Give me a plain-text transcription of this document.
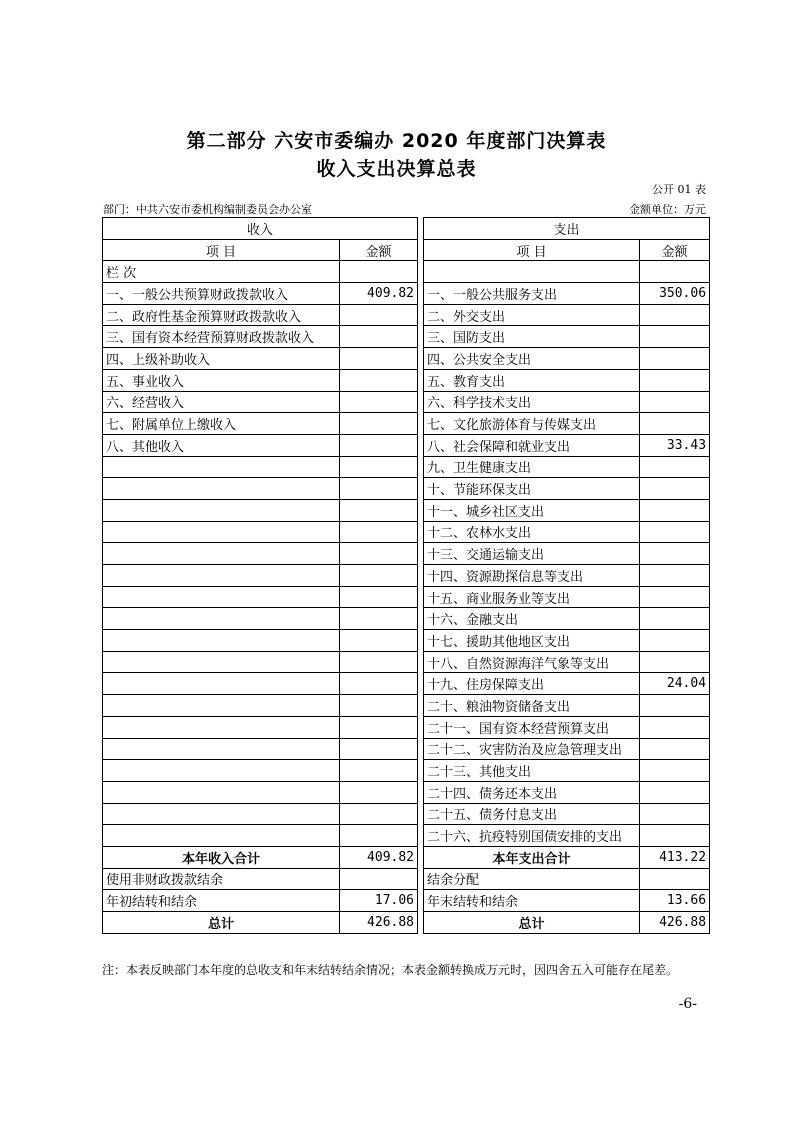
第二部分 六安市委编办 2020 年度部门决算表
收入支出决算总表
公开 01 表
部门：中共六安市委机构编制委员会办公室	金额单位：万元
收入			支出	
项 目	金额		项 目	金额
栏 次				
一、一般公共预算财政拨款收入	409.82		一、一般公共服务支出	350.06
二、政府性基金预算财政拨款收入			二、外交支出	
三、国有资本经营预算财政拨款收入			三、国防支出	
四、上级补助收入			四、公共安全支出	
五、事业收入			五、教育支出	
六、经营收入			六、科学技术支出	
七、附属单位上缴收入			七、文化旅游体育与传媒支出	
八、其他收入			八、社会保障和就业支出	33.43
			九、卫生健康支出	
			十、节能环保支出	
			十一、城乡社区支出	
			十二、农林水支出	
			十三、交通运输支出	
			十四、资源勘探信息等支出	
			十五、商业服务业等支出	
			十六、金融支出	
			十七、援助其他地区支出	
			十八、自然资源海洋气象等支出	
			十九、住房保障支出	24.04
			二十、粮油物资储备支出	
			二十一、国有资本经营预算支出	
			二十二、灾害防治及应急管理支出	
			二十三、其他支出	
			二十四、债务还本支出	
			二十五、债务付息支出	
			二十六、抗疫特别国债安排的支出	
本年收入合计	409.82		本年支出合计	413.22
使用非财政拨款结余			结余分配	
年初结转和结余	17.06		年末结转和结余	13.66
总计	426.88		总计	426.88
注：本表反映部门本年度的总收支和年末结转结余情况；本表金额转换成万元时，因四舍五入可能存在尾差。
-6-
